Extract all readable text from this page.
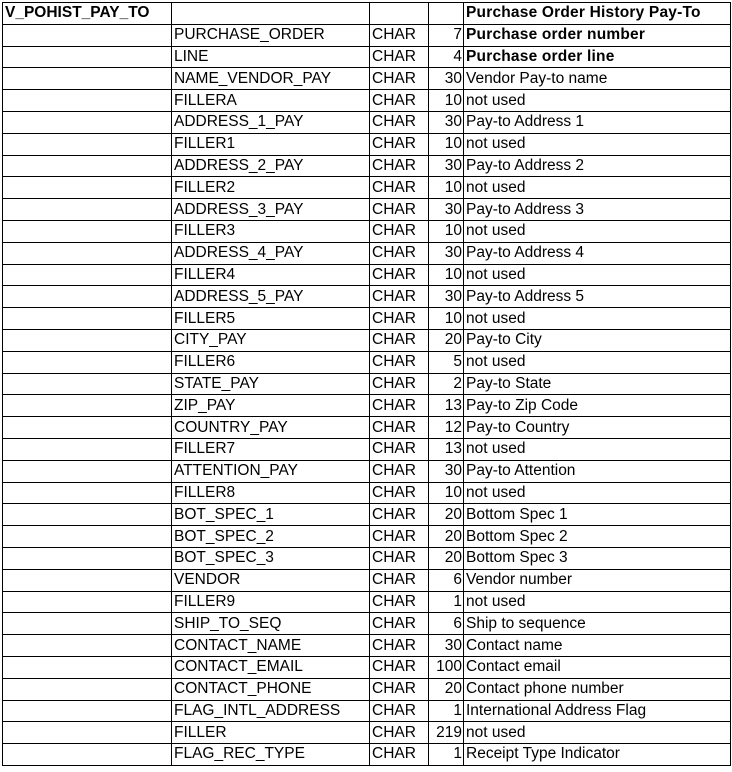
V_POHIST_PAY_TO				Purchase Order History Pay-To
	PURCHASE_ORDER	CHAR	7	Purchase order number
	LINE	CHAR	4	Purchase order line
	NAME_VENDOR_PAY	CHAR	30	Vendor Pay-to name
	FILLERA	CHAR	10	not used
	ADDRESS_1_PAY	CHAR	30	Pay-to Address 1
	FILLER1	CHAR	10	not used
	ADDRESS_2_PAY	CHAR	30	Pay-to Address 2
	FILLER2	CHAR	10	not used
	ADDRESS_3_PAY	CHAR	30	Pay-to Address 3
	FILLER3	CHAR	10	not used
	ADDRESS_4_PAY	CHAR	30	Pay-to Address 4
	FILLER4	CHAR	10	not used
	ADDRESS_5_PAY	CHAR	30	Pay-to Address 5
	FILLER5	CHAR	10	not used
	CITY_PAY	CHAR	20	Pay-to City
	FILLER6	CHAR	5	not used
	STATE_PAY	CHAR	2	Pay-to State
	ZIP_PAY	CHAR	13	Pay-to Zip Code
	COUNTRY_PAY	CHAR	12	Pay-to Country
	FILLER7	CHAR	13	not used
	ATTENTION_PAY	CHAR	30	Pay-to Attention
	FILLER8	CHAR	10	not used
	BOT_SPEC_1	CHAR	20	Bottom Spec 1
	BOT_SPEC_2	CHAR	20	Bottom Spec 2
	BOT_SPEC_3	CHAR	20	Bottom Spec 3
	VENDOR	CHAR	6	Vendor number
	FILLER9	CHAR	1	not used
	SHIP_TO_SEQ	CHAR	6	Ship to sequence
	CONTACT_NAME	CHAR	30	Contact name
	CONTACT_EMAIL	CHAR	100	Contact email
	CONTACT_PHONE	CHAR	20	Contact phone number
	FLAG_INTL_ADDRESS	CHAR	1	International Address Flag
	FILLER	CHAR	219	not used
	FLAG_REC_TYPE	CHAR	1	Receipt Type Indicator
